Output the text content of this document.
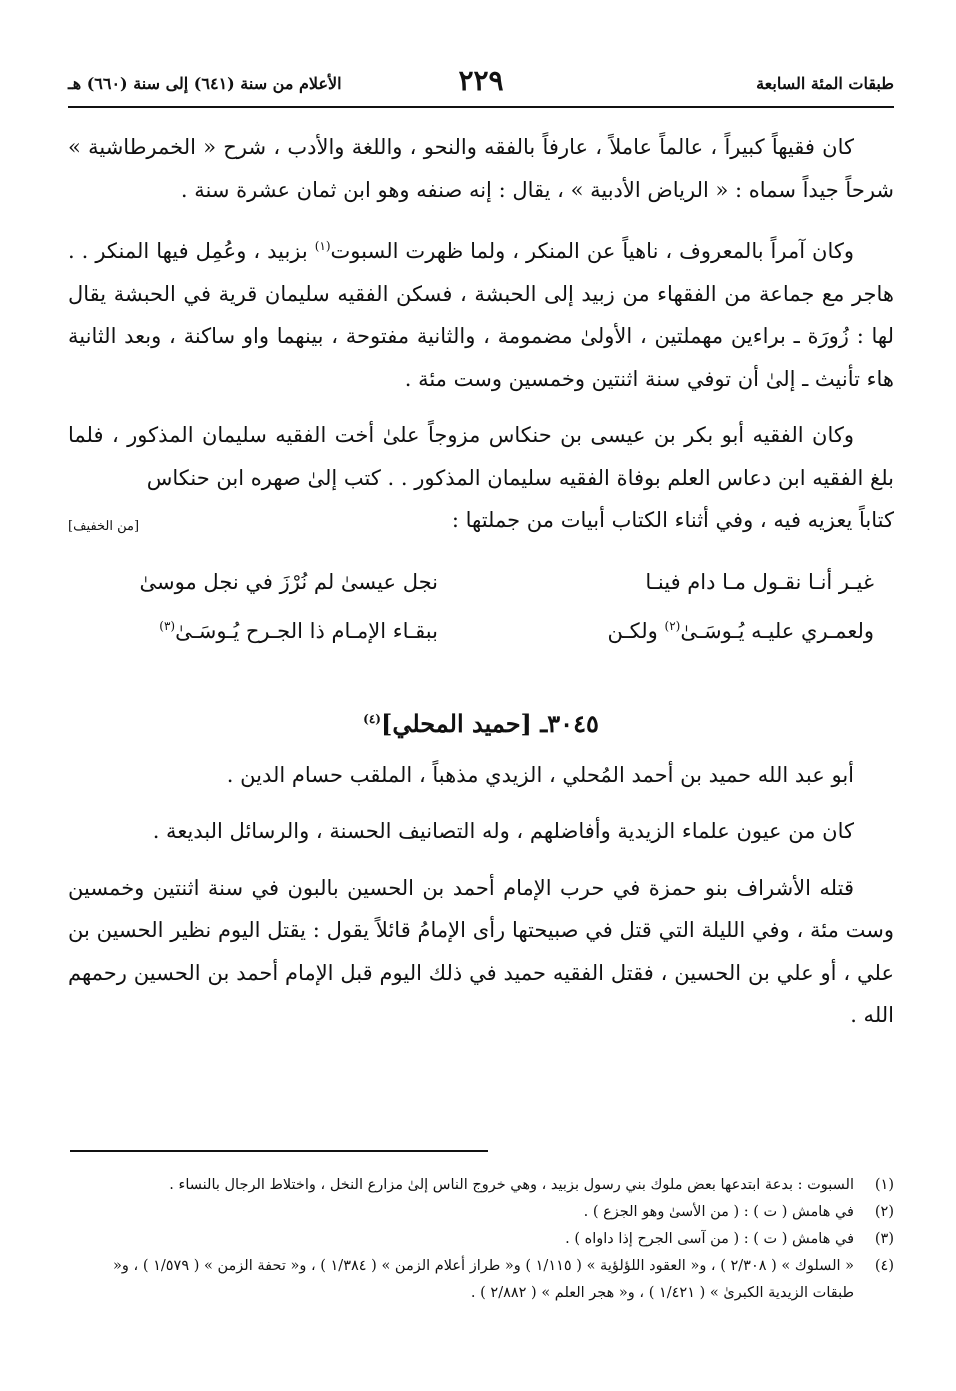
طبقات المئة السابعة
٢٢٩
الأعلام من سنة (٦٤١) إلى سنة (٦٦٠) هـ

كان فقيهاً كبيراً ، عالماً عاملاً ، عارفاً بالفقه والنحو ، واللغة والأدب ، شرح « الخمرطاشية » شرحاً جيداً سماه : « الرياض الأدبية » ، يقال : إنه صنفه وهو ابن ثمان عشرة سنة .

وكان آمراً بالمعروف ، ناهياً عن المنكر ، ولما ظهرت السبوت$^{(١)}$ بزبيد ، وعُمِل فيها المنكر . . هاجر مع جماعة من الفقهاء من زبيد إلى الحبشة ، فسكن الفقيه سليمان قرية في الحبشة يقال لها : زُورَة ـ براءين مهملتين ، الأولىٰ مضمومة ، والثانية مفتوحة ، بينهما واو ساكنة ، وبعد الثانية هاء تأنيث ـ إلىٰ أن توفي سنة اثنتين وخمسين وست مئة .

وكان الفقيه أبو بكر بن عيسى بن حنكاس مزوجاً علىٰ أخت الفقيه سليمان المذكور ، فلما بلغ الفقيه ابن دعاس العلم بوفاة الفقيه سليمان المذكور . . كتب إلىٰ صهره ابن حنكاس

كتاباً يعزيه فيه ، وفي أثناء الكتاب أبيات من جملتها :

[من الخفيف]
غيـر أنـا نقـول مـا دام فينـا
نجل عيسىٰ لم نُرْزَ في نجل موسىٰ
ولعمـري عليـه يُـوسَـىٰ$^{(٢)}$ ولكـن
ببقـاء الإمـام ذا الجـرح يُـوسَـىٰ$^{(٣)}$
٣٠٤٥ـ [حميد المحلي]$^{(٤)}$

أبو عبد الله حميد بن أحمد المُحلي ، الزيدي مذهباً ، الملقب حسام الدين .

كان من عيون علماء الزيدية وأفاضلهم ، وله التصانيف الحسنة ، والرسائل البديعة .

قتله الأشراف بنو حمزة في حرب الإمام أحمد بن الحسين بالبون في سنة اثنتين وخمسين وست مئة ، وفي الليلة التي قتل في صبيحتها رأى الإمامُ قائلاً يقول : يقتل اليوم نظير الحسين بن علي ، أو علي بن الحسين ، فقتل الفقيه حميد في ذلك اليوم قبل الإمام أحمد بن الحسين رحمهم الله .

(١)
السبوت : بدعة ابتدعها بعض ملوك بني رسول بزبيد ، وهي خروج الناس إلىٰ مزارع النخل ، واختلاط الرجال بالنساء .
(٢)
في هامش ( ت ) : ( من الأسىٰ وهو الجزع ) .
(٣)
في هامش ( ت ) : ( من آسى الجرح إذا داواه ) .
(٤)
« السلوك » ( ٢/٣٠٨ ) ، و« العقود اللؤلؤية » ( ١/١١٥ ) و« طراز أعلام الزمن » ( ١/٣٨٤ ) ، و« تحفة الزمن » ( ١/٥٧٩ ) ، و« طبقات الزيدية الكبرىٰ » ( ١/٤٢١ ) ، و« هجر العلم » ( ٢/٨٨٢ ) .
